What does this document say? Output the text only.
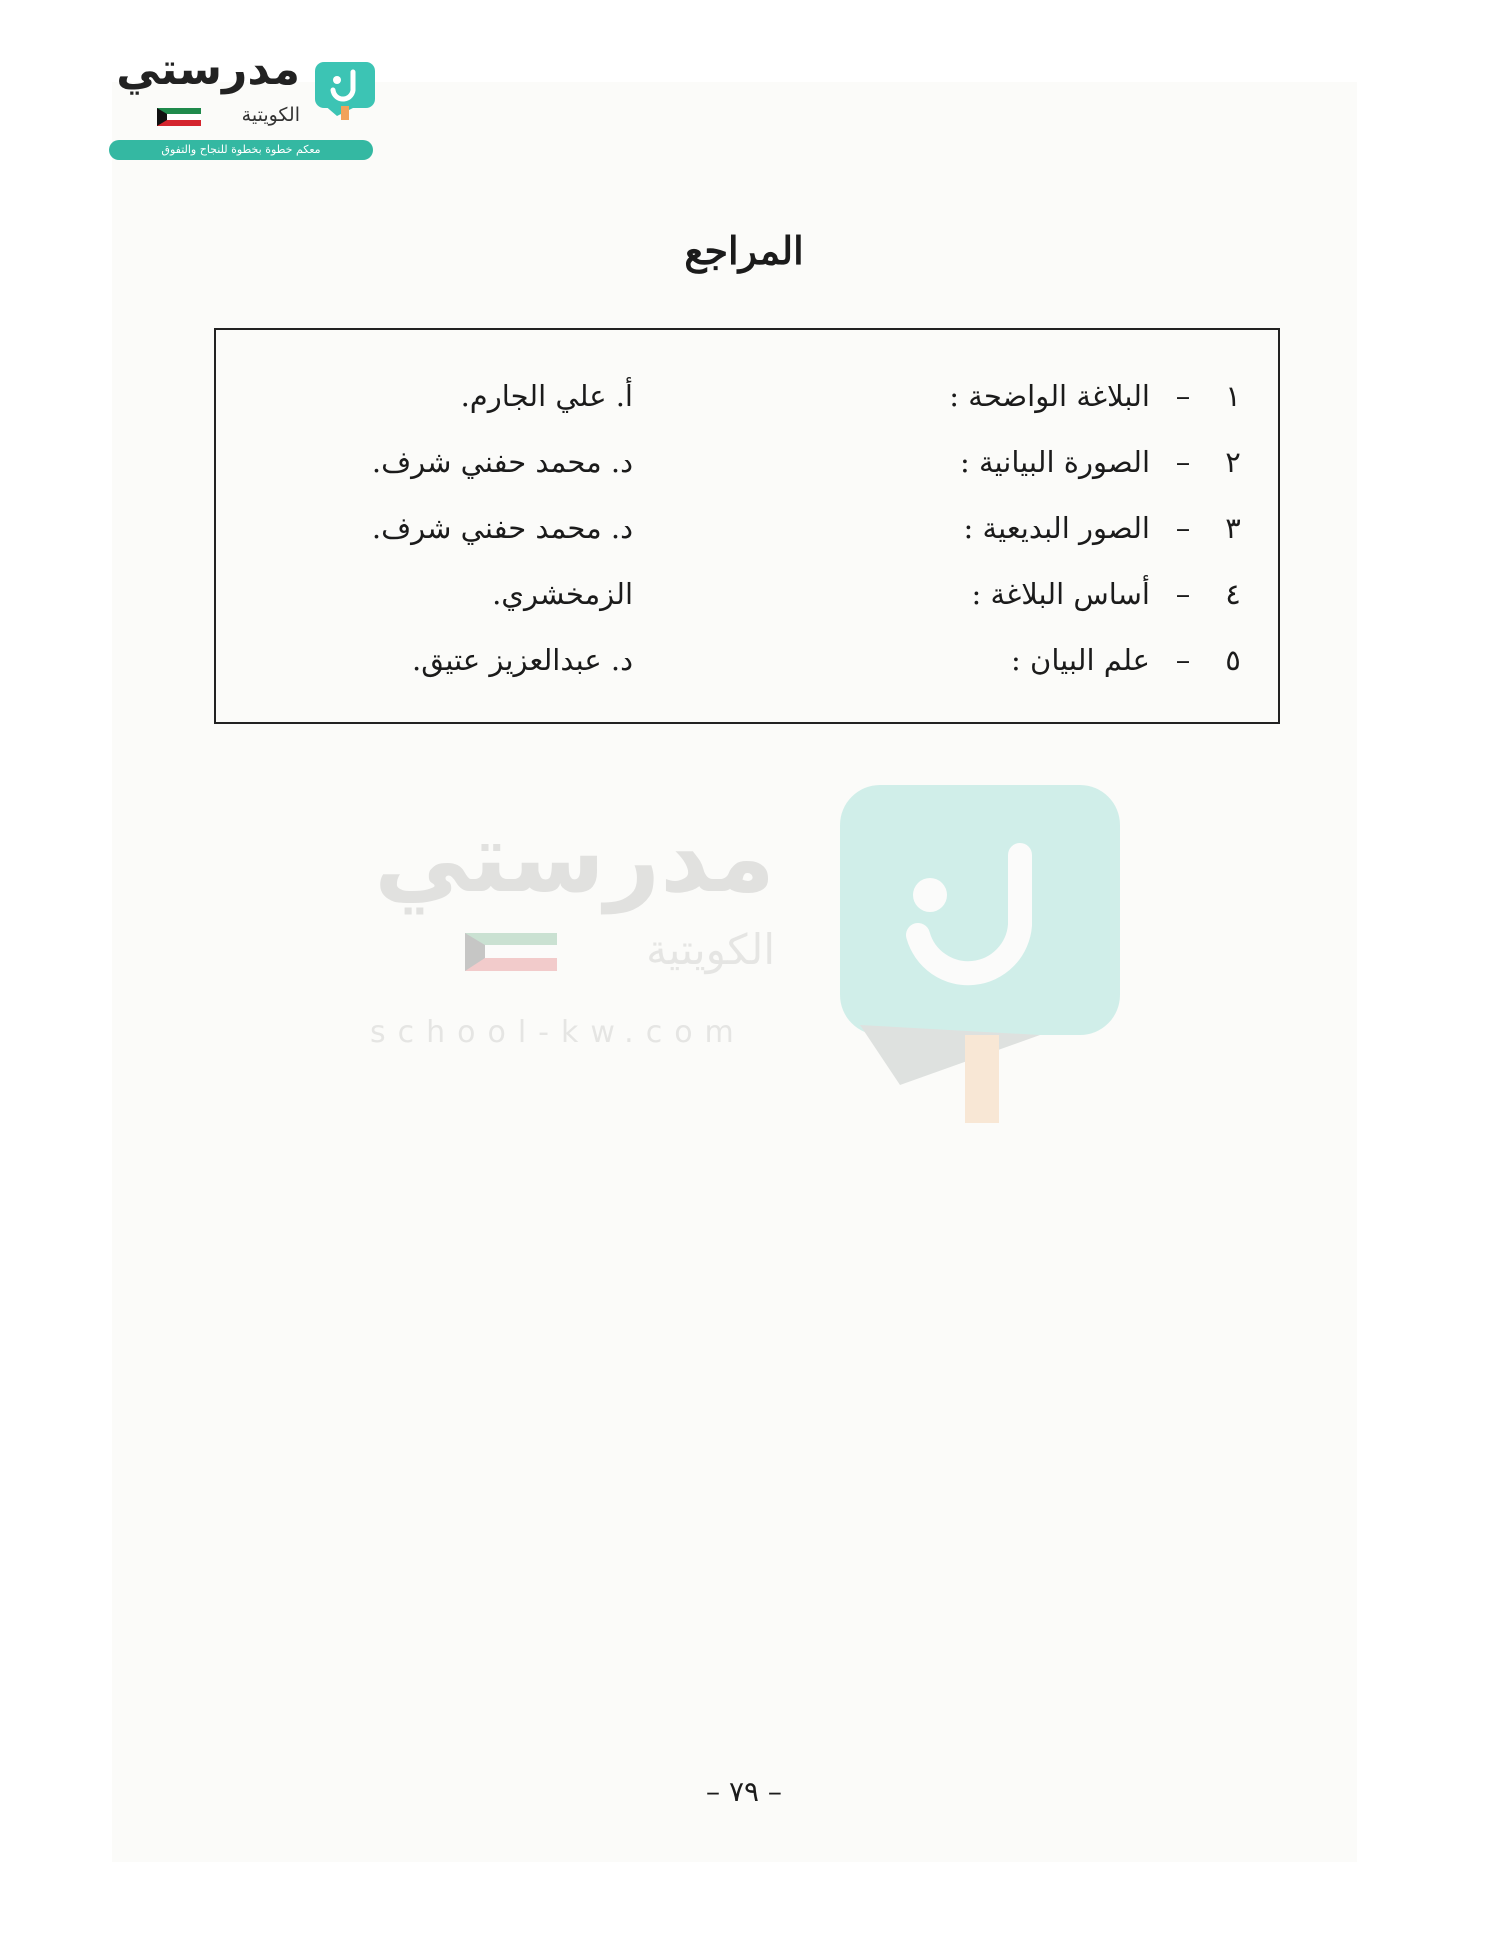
مدرستي
الكويتية
معكم خطوة بخطوة للنجاح والتفوق
المراجع
١
–
البلاغة الواضحة :
أ. علي الجارم.
٢
–
الصورة البيانية :
د. محمد حفني شرف.
٣
–
الصور البديعية :
د. محمد حفني شرف.
٤
–
أساس البلاغة :
الزمخشري.
٥
–
علم البيان :
د. عبدالعزيز عتيق.
مدرستي
الكويتية
school-kw.com
– ٧٩ –
